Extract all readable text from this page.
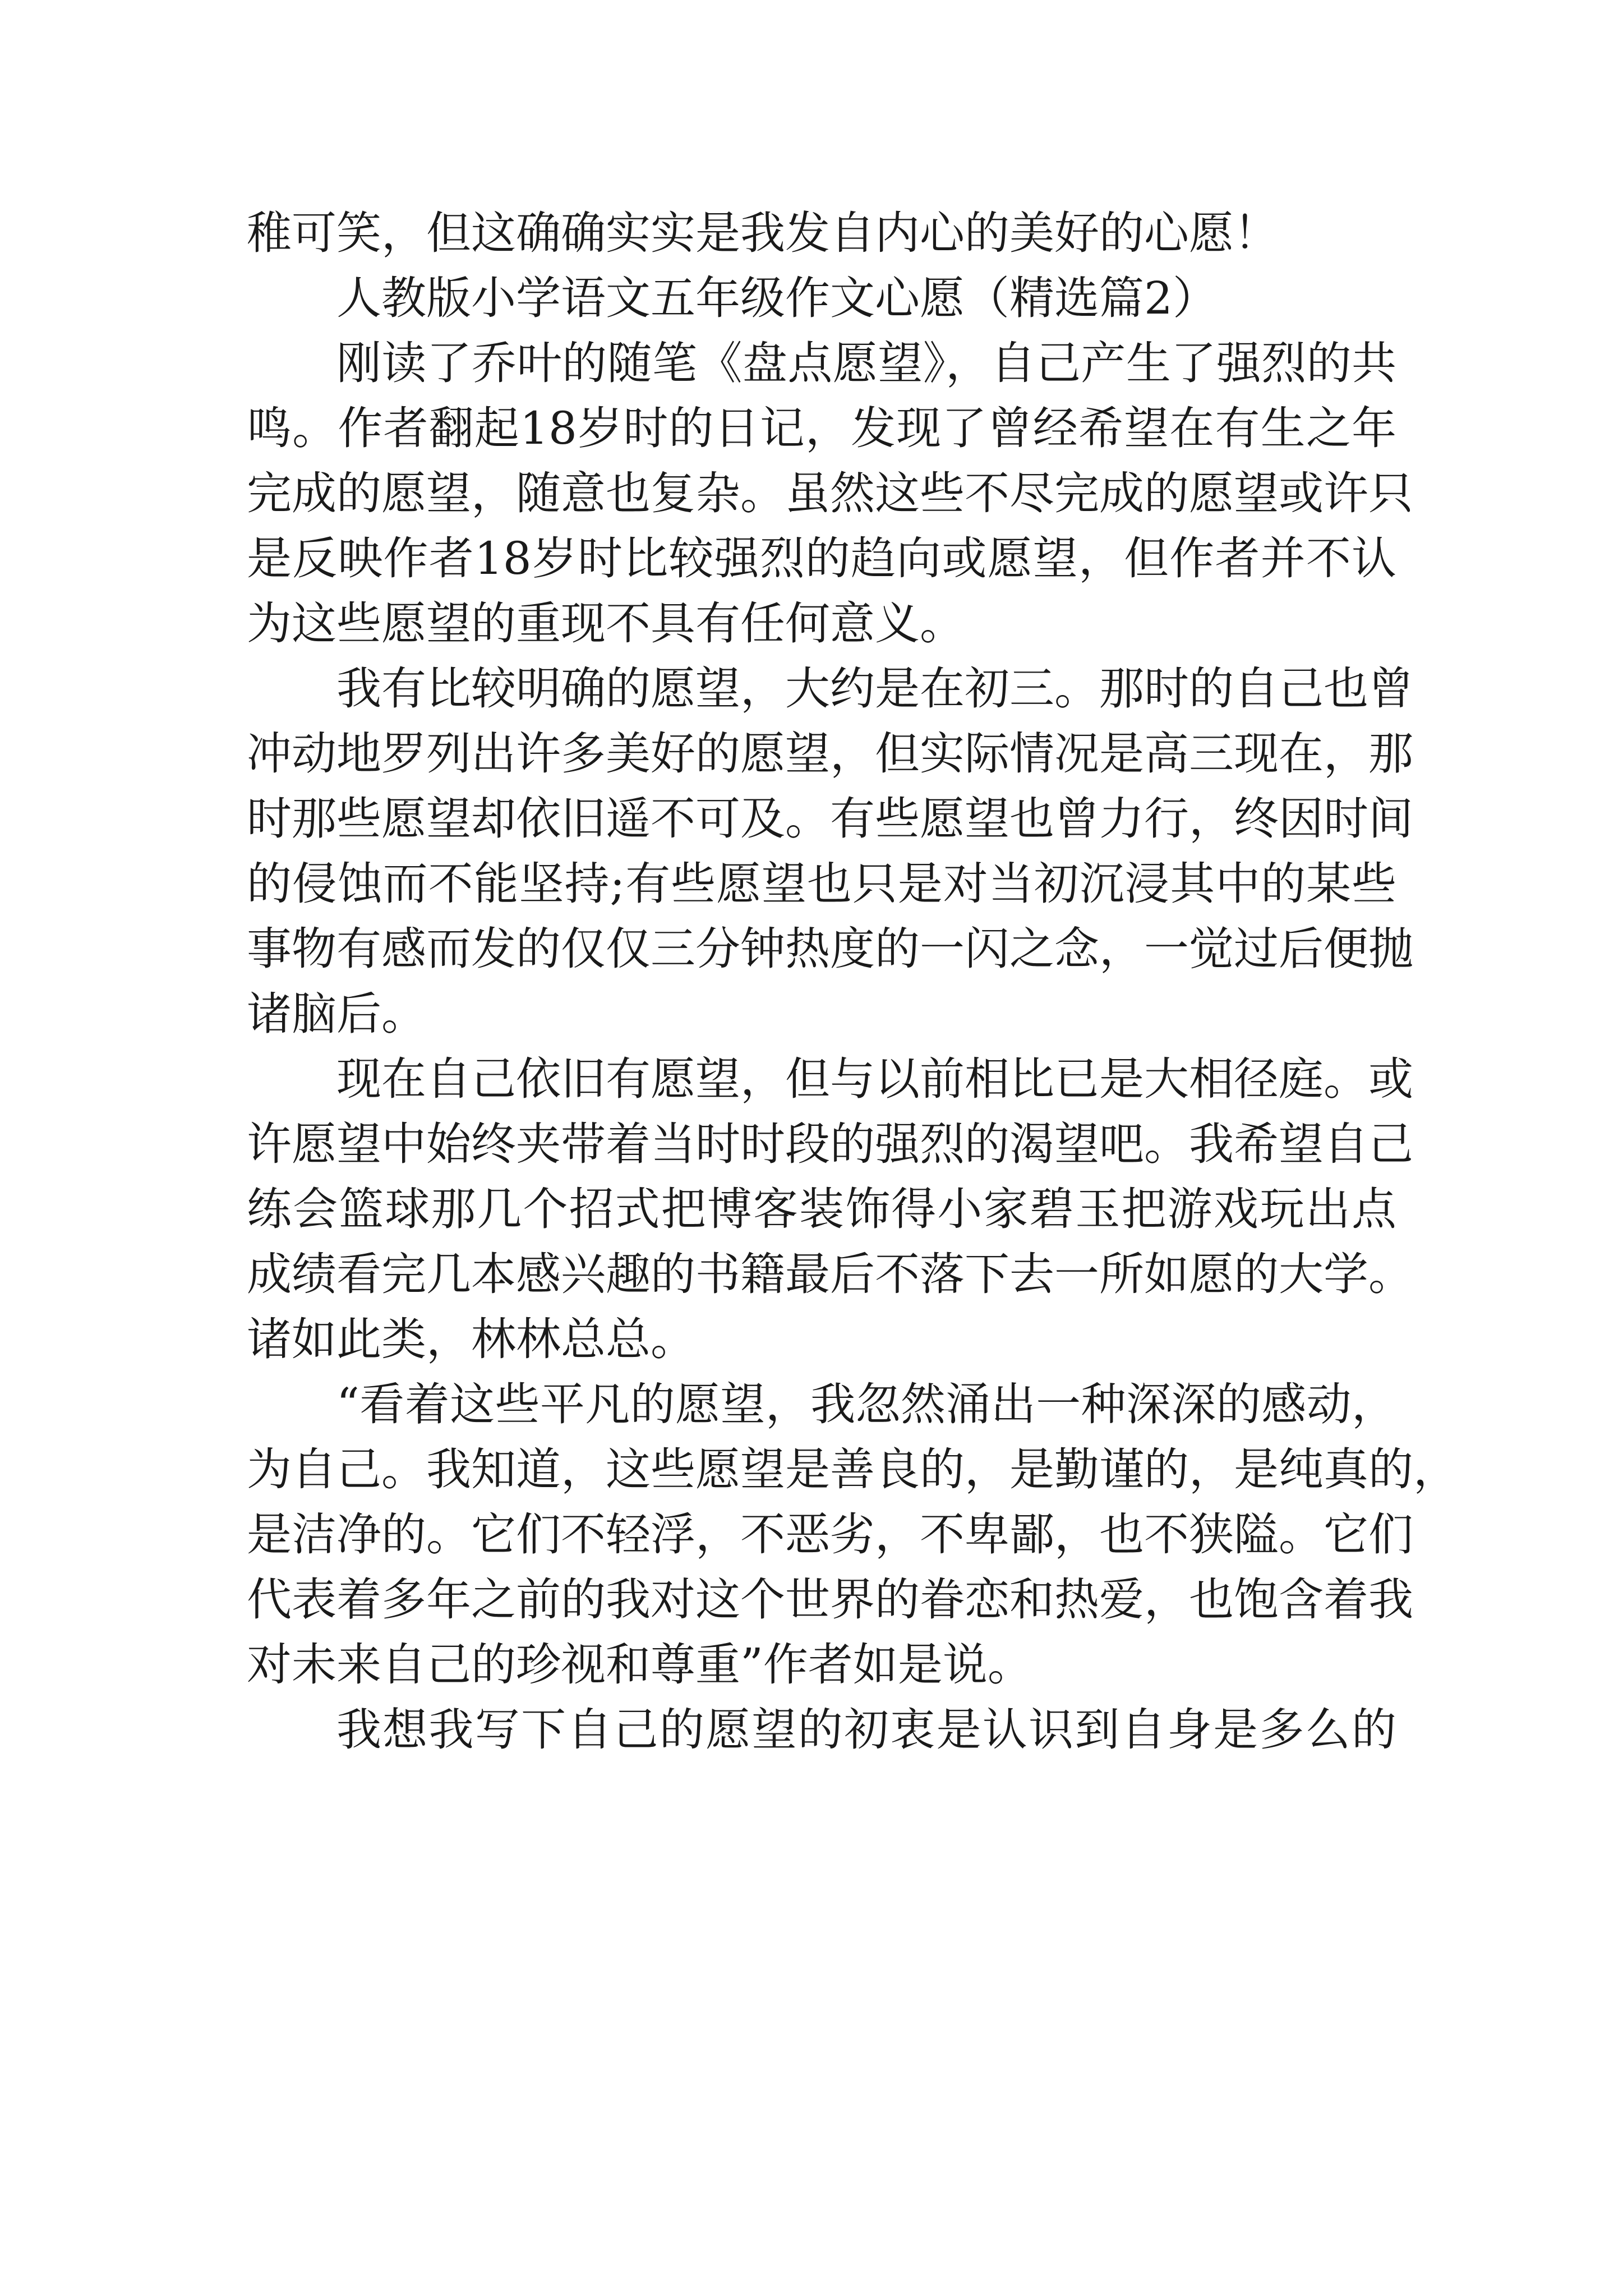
稚可笑，但这确确实实是我发自内心的美好的心愿！
人教版小学语文五年级作文心愿（精选篇2）
刚读了乔叶的随笔《盘点愿望》，自己产生了强烈的共
鸣。作者翻起18岁时的日记，发现了曾经希望在有生之年
完成的愿望，随意也复杂。虽然这些不尽完成的愿望或许只
是反映作者18岁时比较强烈的趋向或愿望，但作者并不认
为这些愿望的重现不具有任何意义。
我有比较明确的愿望，大约是在初三。那时的自己也曾
冲动地罗列出许多美好的愿望，但实际情况是高三现在，那
时那些愿望却依旧遥不可及。有些愿望也曾力行，终因时间
的侵蚀而不能坚持;有些愿望也只是对当初沉浸其中的某些
事物有感而发的仅仅三分钟热度的一闪之念，一觉过后便抛
诸脑后。
现在自己依旧有愿望，但与以前相比已是大相径庭。或
许愿望中始终夹带着当时时段的强烈的渴望吧。我希望自己
练会篮球那几个招式把博客装饰得小家碧玉把游戏玩出点
成绩看完几本感兴趣的书籍最后不落下去一所如愿的大学。
诸如此类，林林总总。
“看着这些平凡的愿望，我忽然涌出一种深深的感动，
为自己。我知道，这些愿望是善良的，是勤谨的，是纯真的，
是洁净的。它们不轻浮，不恶劣，不卑鄙，也不狭隘。它们
代表着多年之前的我对这个世界的眷恋和热爱，也饱含着我
对未来自己的珍视和尊重”作者如是说。
我想我写下自己的愿望的初衷是认识到自身是多么的
